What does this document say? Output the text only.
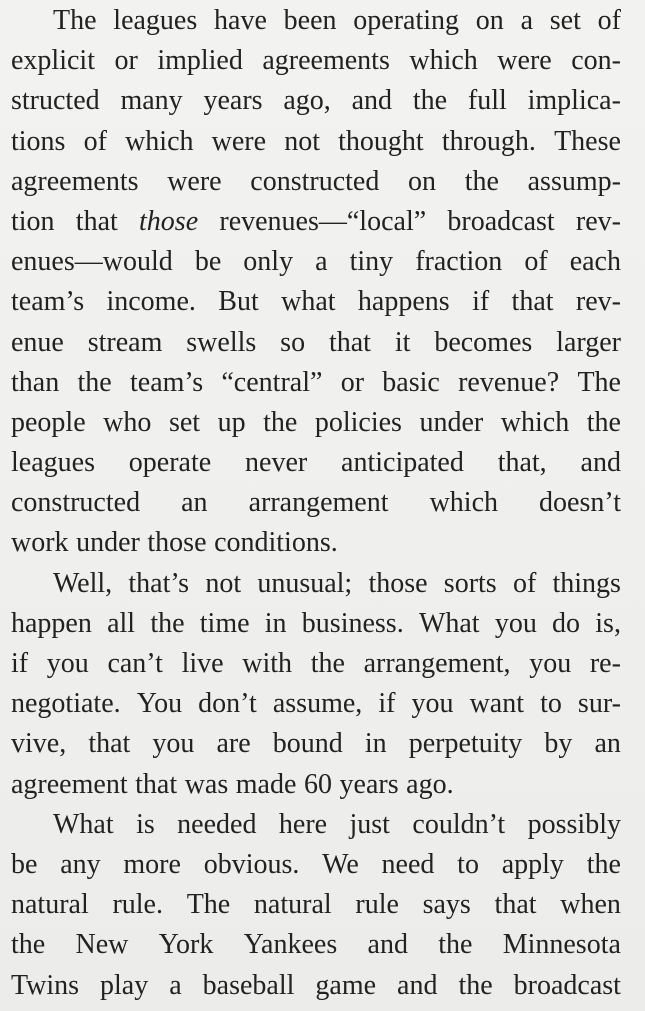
The leagues have been operating on a set of
explicit or implied agreements which were con-
structed many years ago, and the full implica-
tions of which were not thought through. These
agreements were constructed on the assump-
tion that those revenues—“local” broadcast rev-
enues—would be only a tiny fraction of each
team’s income. But what happens if that rev-
enue stream swells so that it becomes larger
than the team’s “central” or basic revenue? The
people who set up the policies under which the
leagues operate never anticipated that, and
constructed an arrangement which doesn’t
work under those conditions.
Well, that’s not unusual; those sorts of things
happen all the time in business. What you do is,
if you can’t live with the arrangement, you re-
negotiate. You don’t assume, if you want to sur-
vive, that you are bound in perpetuity by an
agreement that was made 60 years ago.
What is needed here just couldn’t possibly
be any more obvious. We need to apply the
natural rule. The natural rule says that when
the New York Yankees and the Minnesota
Twins play a baseball game and the broadcast
